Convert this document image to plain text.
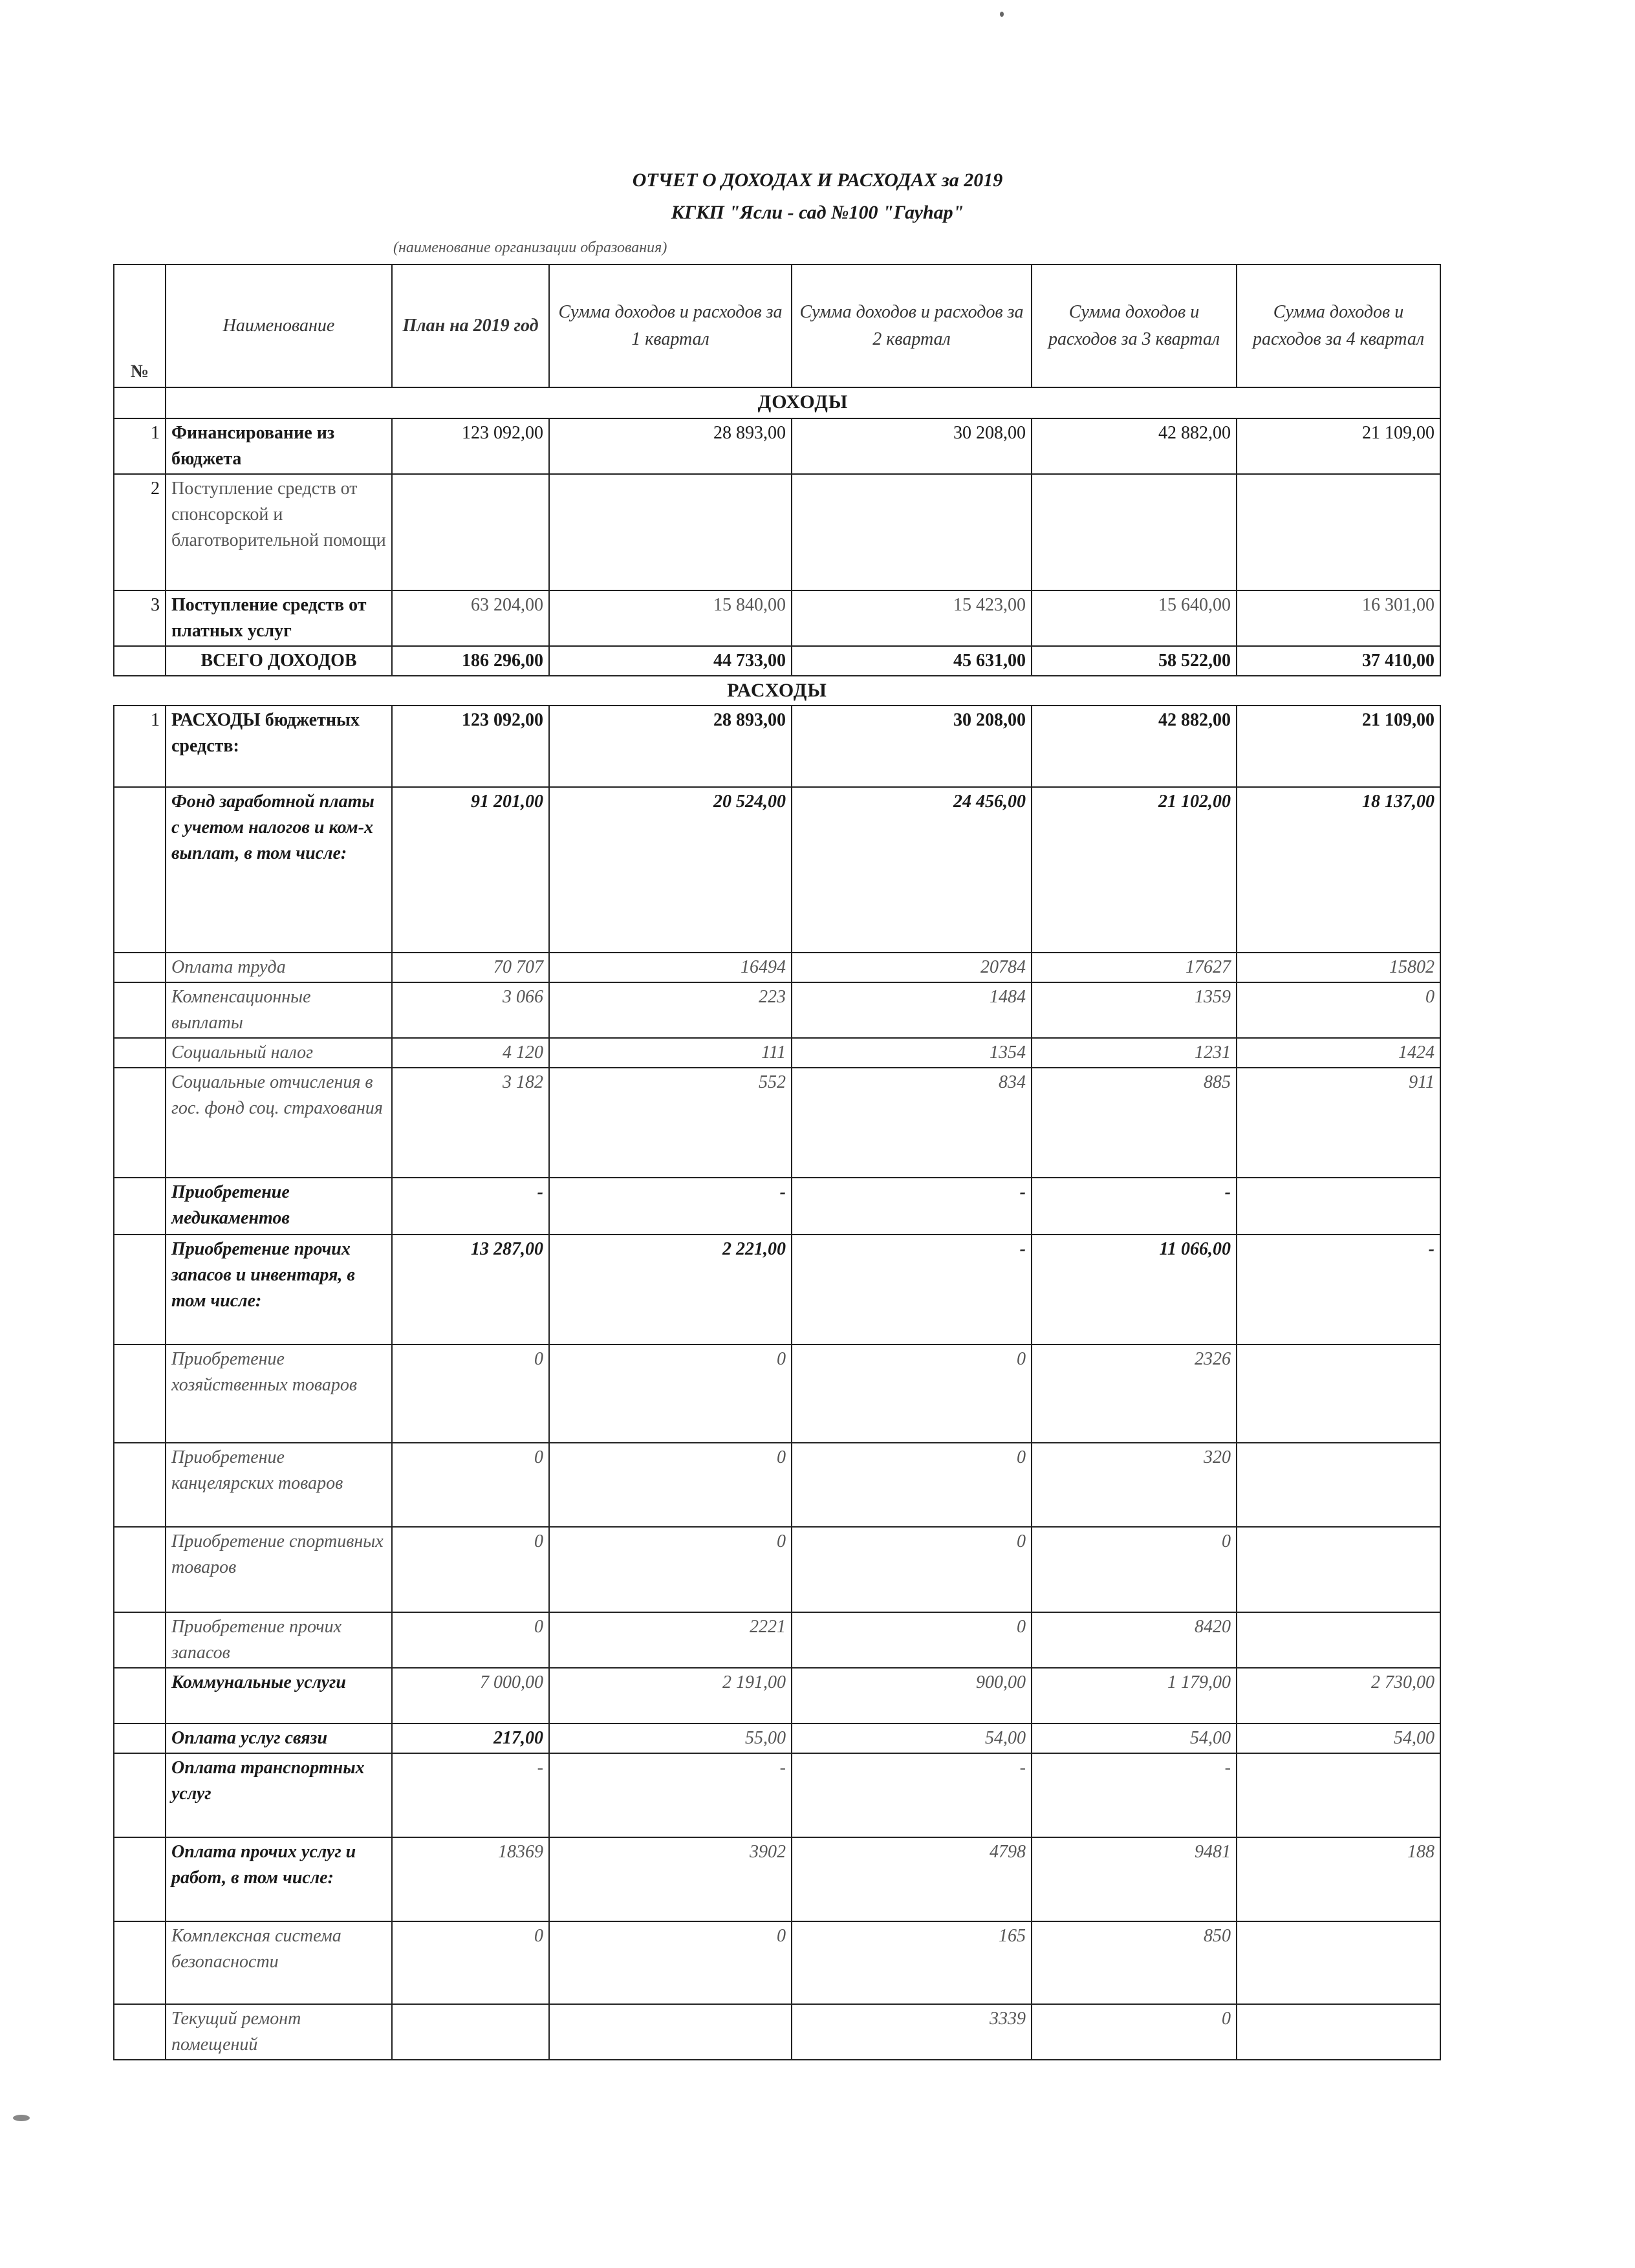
ОТЧЕТ О ДОХОДАХ И РАСХОДАХ за 2019
КГКП "Ясли - сад №100 "Гауhар"
(наименование организации образования)
№	Наименование	План на 2019 год	Сумма доходов и расходов за 1 квартал	Сумма доходов и расходов за 2 квартал	Сумма доходов и расходов за 3 квартал	Сумма доходов и расходов за 4 квартал
	ДОХОДЫ					
1	Финансирование из бюджета	123 092,00	28 893,00	30 208,00	42 882,00	21 109,00
2	Поступление средств от спонсорской и благотворительной помощи					
3	Поступление средств от платных услуг	63 204,00	15 840,00	15 423,00	15 640,00	16 301,00
	ВСЕГО ДОХОДОВ	186 296,00	44 733,00	45 631,00	58 522,00	37 410,00
РАСХОДЫ						
1	РАСХОДЫ бюджетных средств:	123 092,00	28 893,00	30 208,00	42 882,00	21 109,00
	Фонд заработной платы с учетом налогов и ком-х выплат, в том числе:	91 201,00	20 524,00	24 456,00	21 102,00	18 137,00
	Оплата труда	70 707	16494	20784	17627	15802
	Компенсационные выплаты	3 066	223	1484	1359	0
	Социальный налог	4 120	111	1354	1231	1424
	Социальные отчисления в гос. фонд соц. страхования	3 182	552	834	885	911
	Приобретение медикаментов	-	-	-	-	
	Приобретение прочих запасов и инвентаря, в том числе:	13 287,00	2 221,00	-	11 066,00	-
	Приобретение хозяйственных товаров	0	0	0	2326	
	Приобретение канцелярских товаров	0	0	0	320	
	Приобретение спортивных товаров	0	0	0	0	
	Приобретение прочих запасов	0	2221	0	8420	
	Коммунальные услуги	7 000,00	2 191,00	900,00	1 179,00	2 730,00
	Оплата услуг связи	217,00	55,00	54,00	54,00	54,00
	Оплата транспортных услуг	-	-	-	-	
	Оплата прочих услуг и работ, в том числе:	18369	3902	4798	9481	188
	Комплексная система безопасности	0	0	165	850	
	Текущий ремонт помещений			3339	0	
